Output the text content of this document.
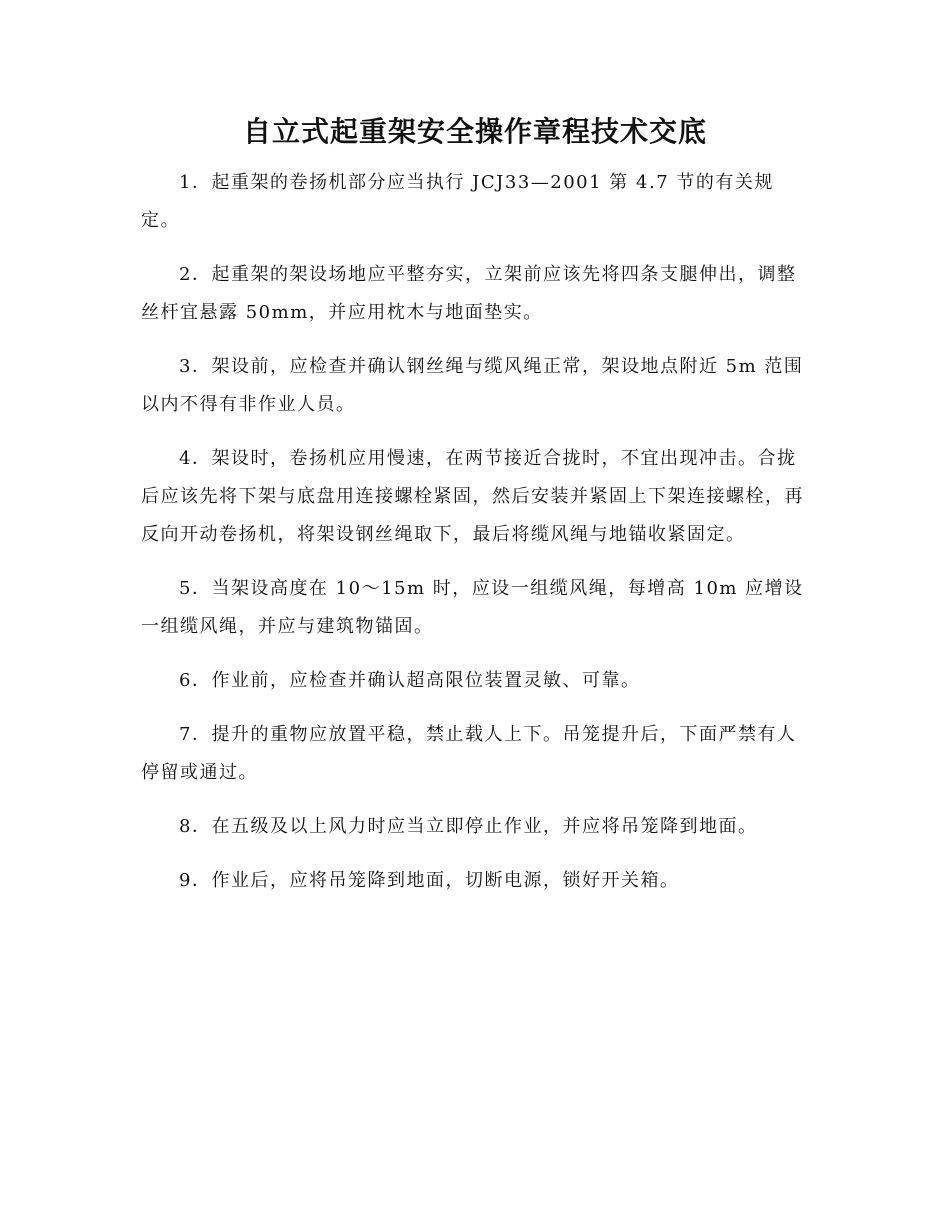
自立式起重架安全操作章程技术交底

1．起重架的卷扬机部分应当执行 JCJ33—2001 第 4.7 节的有关规定。

2．起重架的架设场地应平整夯实，立架前应该先将四条支腿伸出，调整丝杆宜悬露 50mm，并应用枕木与地面垫实。

3．架设前，应检查并确认钢丝绳与缆风绳正常，架设地点附近 5m 范围以内不得有非作业人员。

4．架设时，卷扬机应用慢速，在两节接近合拢时，不宜出现冲击。合拢后应该先将下架与底盘用连接螺栓紧固，然后安装并紧固上下架连接螺栓，再反向开动卷扬机，将架设钢丝绳取下，最后将缆风绳与地锚收紧固定。

5．当架设高度在 10～15m 时，应设一组缆风绳，每增高 10m 应增设一组缆风绳，并应与建筑物锚固。

6．作业前，应检查并确认超高限位装置灵敏、可靠。

7．提升的重物应放置平稳，禁止载人上下。吊笼提升后，下面严禁有人停留或通过。

8．在五级及以上风力时应当立即停止作业，并应将吊笼降到地面。

9．作业后，应将吊笼降到地面，切断电源，锁好开关箱。
